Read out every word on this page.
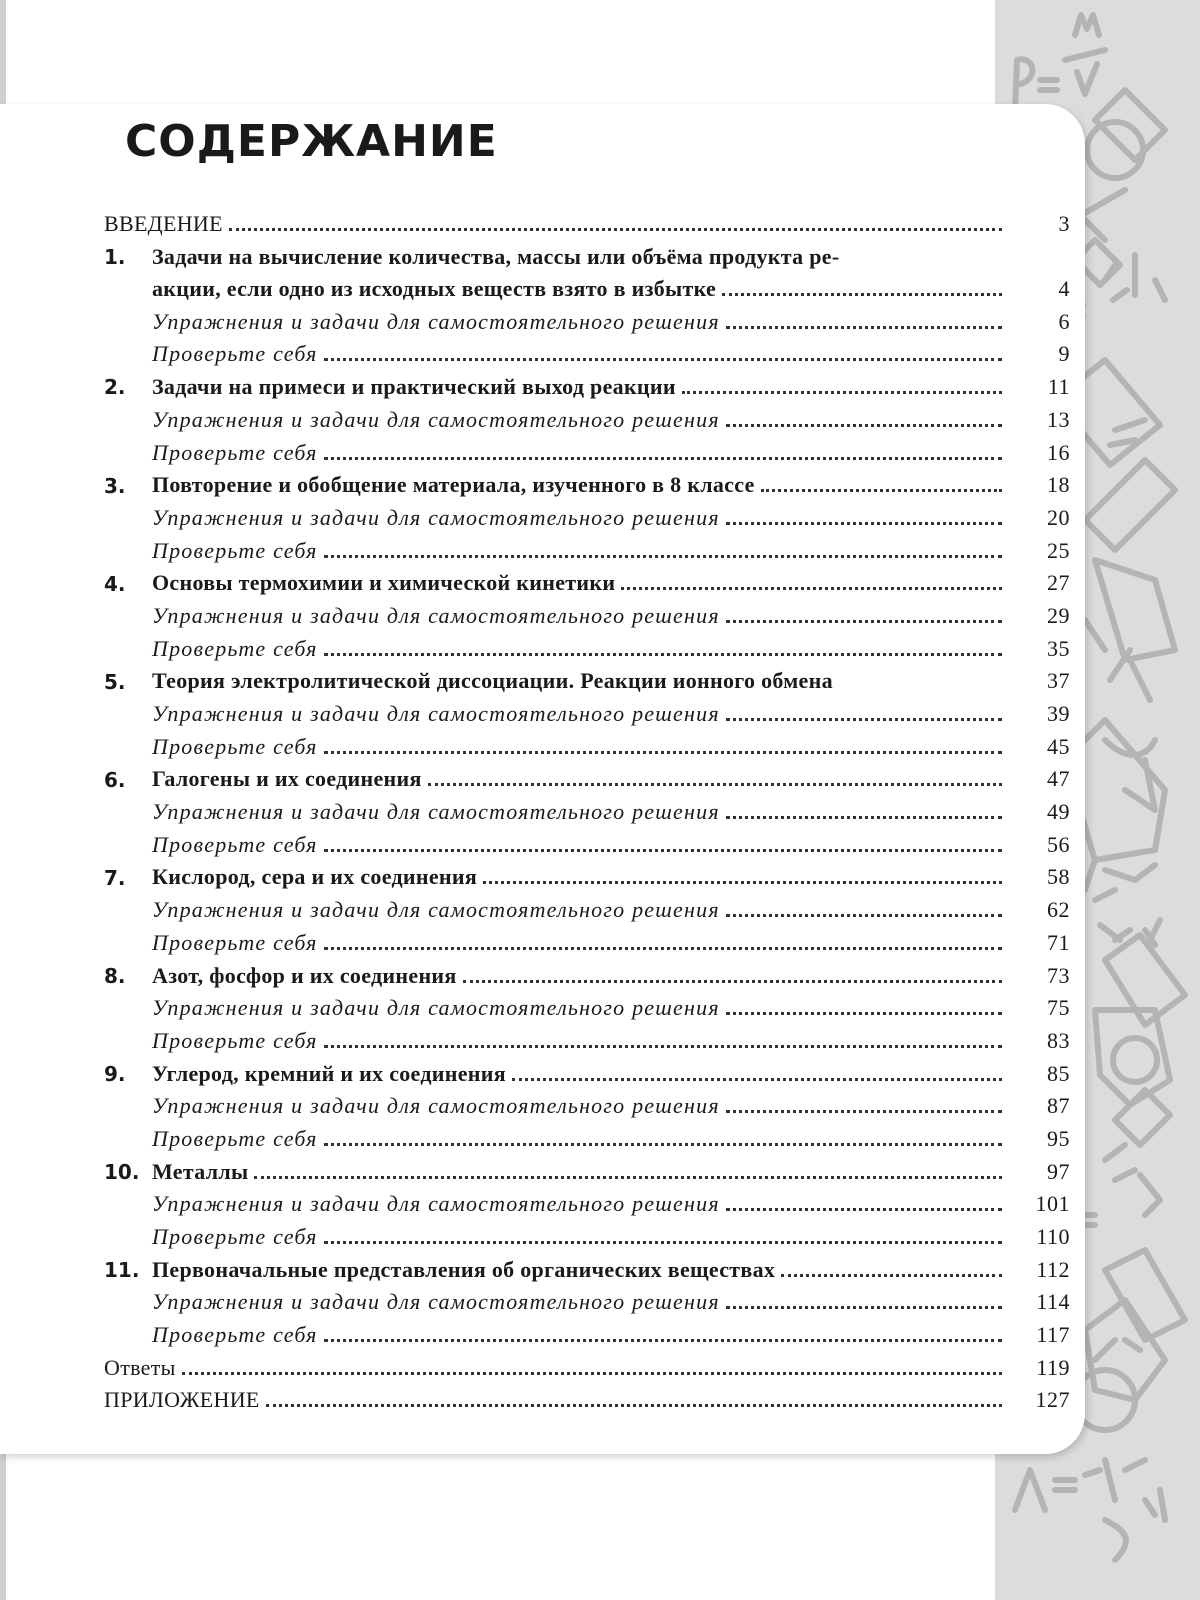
СОДЕРЖАНИЕ
ВВЕДЕНИЕ	3
1.	Задачи на вычисление количества, массы или объёма продукта ре-
акции, если одно из исходных веществ взято в избытке	4
Упражнения и задачи для самостоятельного решения	6
Проверьте себя	9
2.	Задачи на примеси и практический выход реакции	11
Упражнения и задачи для самостоятельного решения	13
Проверьте себя	16
3.	Повторение и обобщение материала, изученного в 8 классе	18
Упражнения и задачи для самостоятельного решения	20
Проверьте себя	25
4.	Основы термохимии и химической кинетики	27
Упражнения и задачи для самостоятельного решения	29
Проверьте себя	35
5.	Теория электролитической диссоциации. Реакции ионного обмена	37
Упражнения и задачи для самостоятельного решения	39
Проверьте себя	45
6.	Галогены и их соединения	47
Упражнения и задачи для самостоятельного решения	49
Проверьте себя	56
7.	Кислород, сера и их соединения	58
Упражнения и задачи для самостоятельного решения	62
Проверьте себя	71
8.	Азот, фосфор и их соединения	73
Упражнения и задачи для самостоятельного решения	75
Проверьте себя	83
9.	Углерод, кремний и их соединения	85
Упражнения и задачи для самостоятельного решения	87
Проверьте себя	95
10. Металлы	97
Упражнения и задачи для самостоятельного решения	101
Проверьте себя	110
11. Первоначальные представления об органических веществах	112
Упражнения и задачи для самостоятельного решения	114
Проверьте себя	117
Ответы	119
ПРИЛОЖЕНИЕ	127
